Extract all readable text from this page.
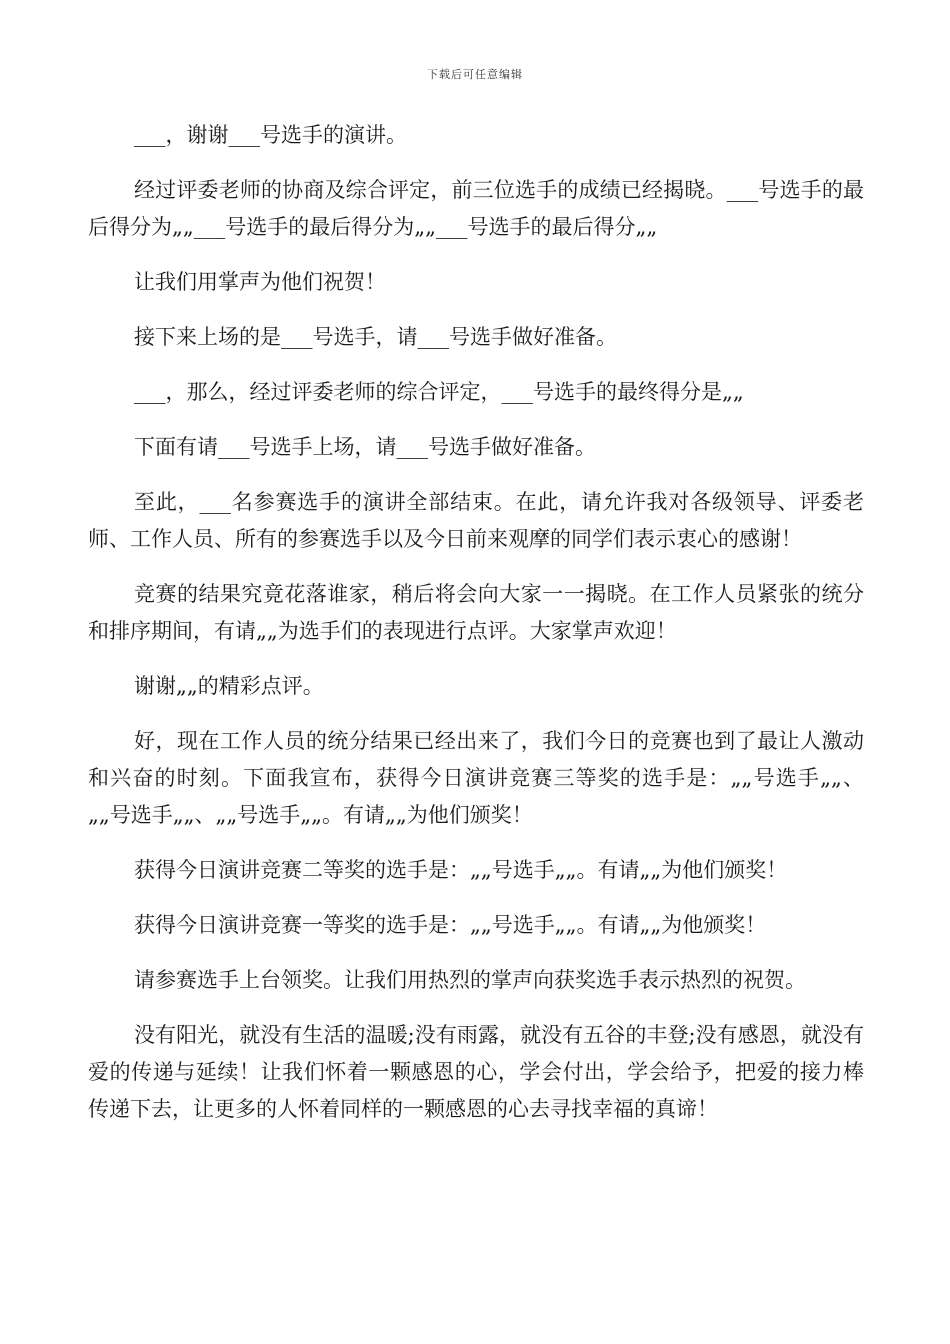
下载后可任意编辑

___，谢谢___号选手的演讲。

经过评委老师的协商及综合评定，前三位选手的成绩已经揭晓。___号选手的最后得分为„„___号选手的最后得分为„„___号选手的最后得分„„

让我们用掌声为他们祝贺！

接下来上场的是___号选手，请___号选手做好准备。

___，那么，经过评委老师的综合评定，___号选手的最终得分是„„

下面有请___号选手上场，请___号选手做好准备。

至此，___名参赛选手的演讲全部结束。在此，请允许我对各级领导、评委老师、工作人员、所有的参赛选手以及今日前来观摩的同学们表示衷心的感谢！

竞赛的结果究竟花落谁家，稍后将会向大家一一揭晓。在工作人员紧张的统分和排序期间，有请„„为选手们的表现进行点评。大家掌声欢迎！

谢谢„„的精彩点评。

好，现在工作人员的统分结果已经出来了，我们今日的竞赛也到了最让人激动和兴奋的时刻。下面我宣布，获得今日演讲竞赛三等奖的选手是：„„号选手„„、„„号选手„„、„„号选手„„。有请„„为他们颁奖！

获得今日演讲竞赛二等奖的选手是：„„号选手„„。有请„„为他们颁奖！

获得今日演讲竞赛一等奖的选手是：„„号选手„„。有请„„为他颁奖！

请参赛选手上台领奖。让我们用热烈的掌声向获奖选手表示热烈的祝贺。

没有阳光，就没有生活的温暖;没有雨露，就没有五谷的丰登;没有感恩，就没有爱的传递与延续！让我们怀着一颗感恩的心，学会付出，学会给予，把爱的接力棒传递下去，让更多的人怀着同样的一颗感恩的心去寻找幸福的真谛！
